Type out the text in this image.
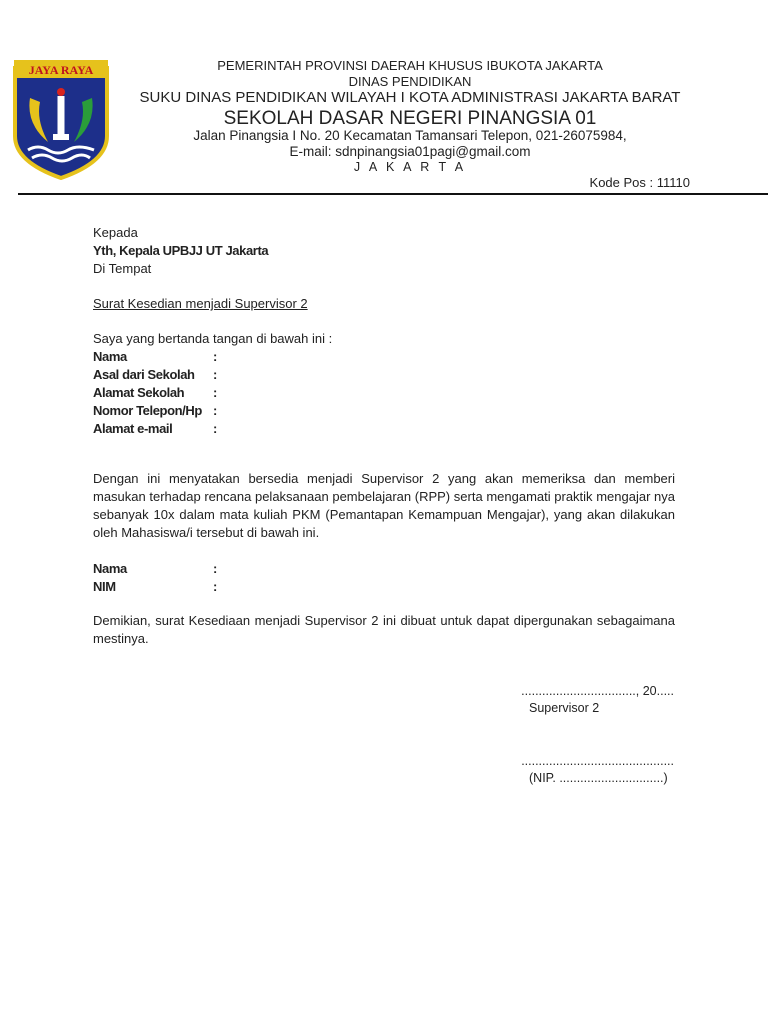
JAYA RAYA	PEMERINTAH PROVINSI DAERAH KHUSUS IBUKOTA JAKARTA
DINAS PENDIDIKAN
SUKU DINAS PENDIDIKAN WILAYAH I KOTA ADMINISTRASI JAKARTA BARAT
SEKOLAH DASAR NEGERI PINANGSIA 01
Jalan Pinangsia I No. 20 Kecamatan Tamansari Telepon, 021-26075984,
E-mail: sdnpinangsia01pagi@gmail.com
J A K A R T A
Kode Pos : 11110
Kepada
Yth, Kepala UPBJJ UT Jakarta
Di Tempat
Surat Kesedian menjadi Supervisor 2
Saya yang bertanda tangan di bawah ini :
Nama	:
Asal dari Sekolah :
Alamat Sekolah :
Nomor Telepon/Hp :
Alamat e-mail	:
Dengan ini menyatakan bersedia menjadi Supervisor 2 yang akan memeriksa dan memberi masukan terhadap rencana pelaksanaan pembelajaran (RPP) serta mengamati praktik mengajar nya sebanyak 10x dalam mata kuliah PKM (Pemantapan Kemampuan Mengajar), yang akan dilakukan oleh Mahasiswa/i tersebut di bawah ini.
Nama	:
NIM	:
Demikian, surat Kesediaan menjadi Supervisor 2 ini dibuat untuk dapat dipergunakan sebagaimana mestinya.
................................., 20.....
Supervisor 2
............................................
(NIP. ..............................)
